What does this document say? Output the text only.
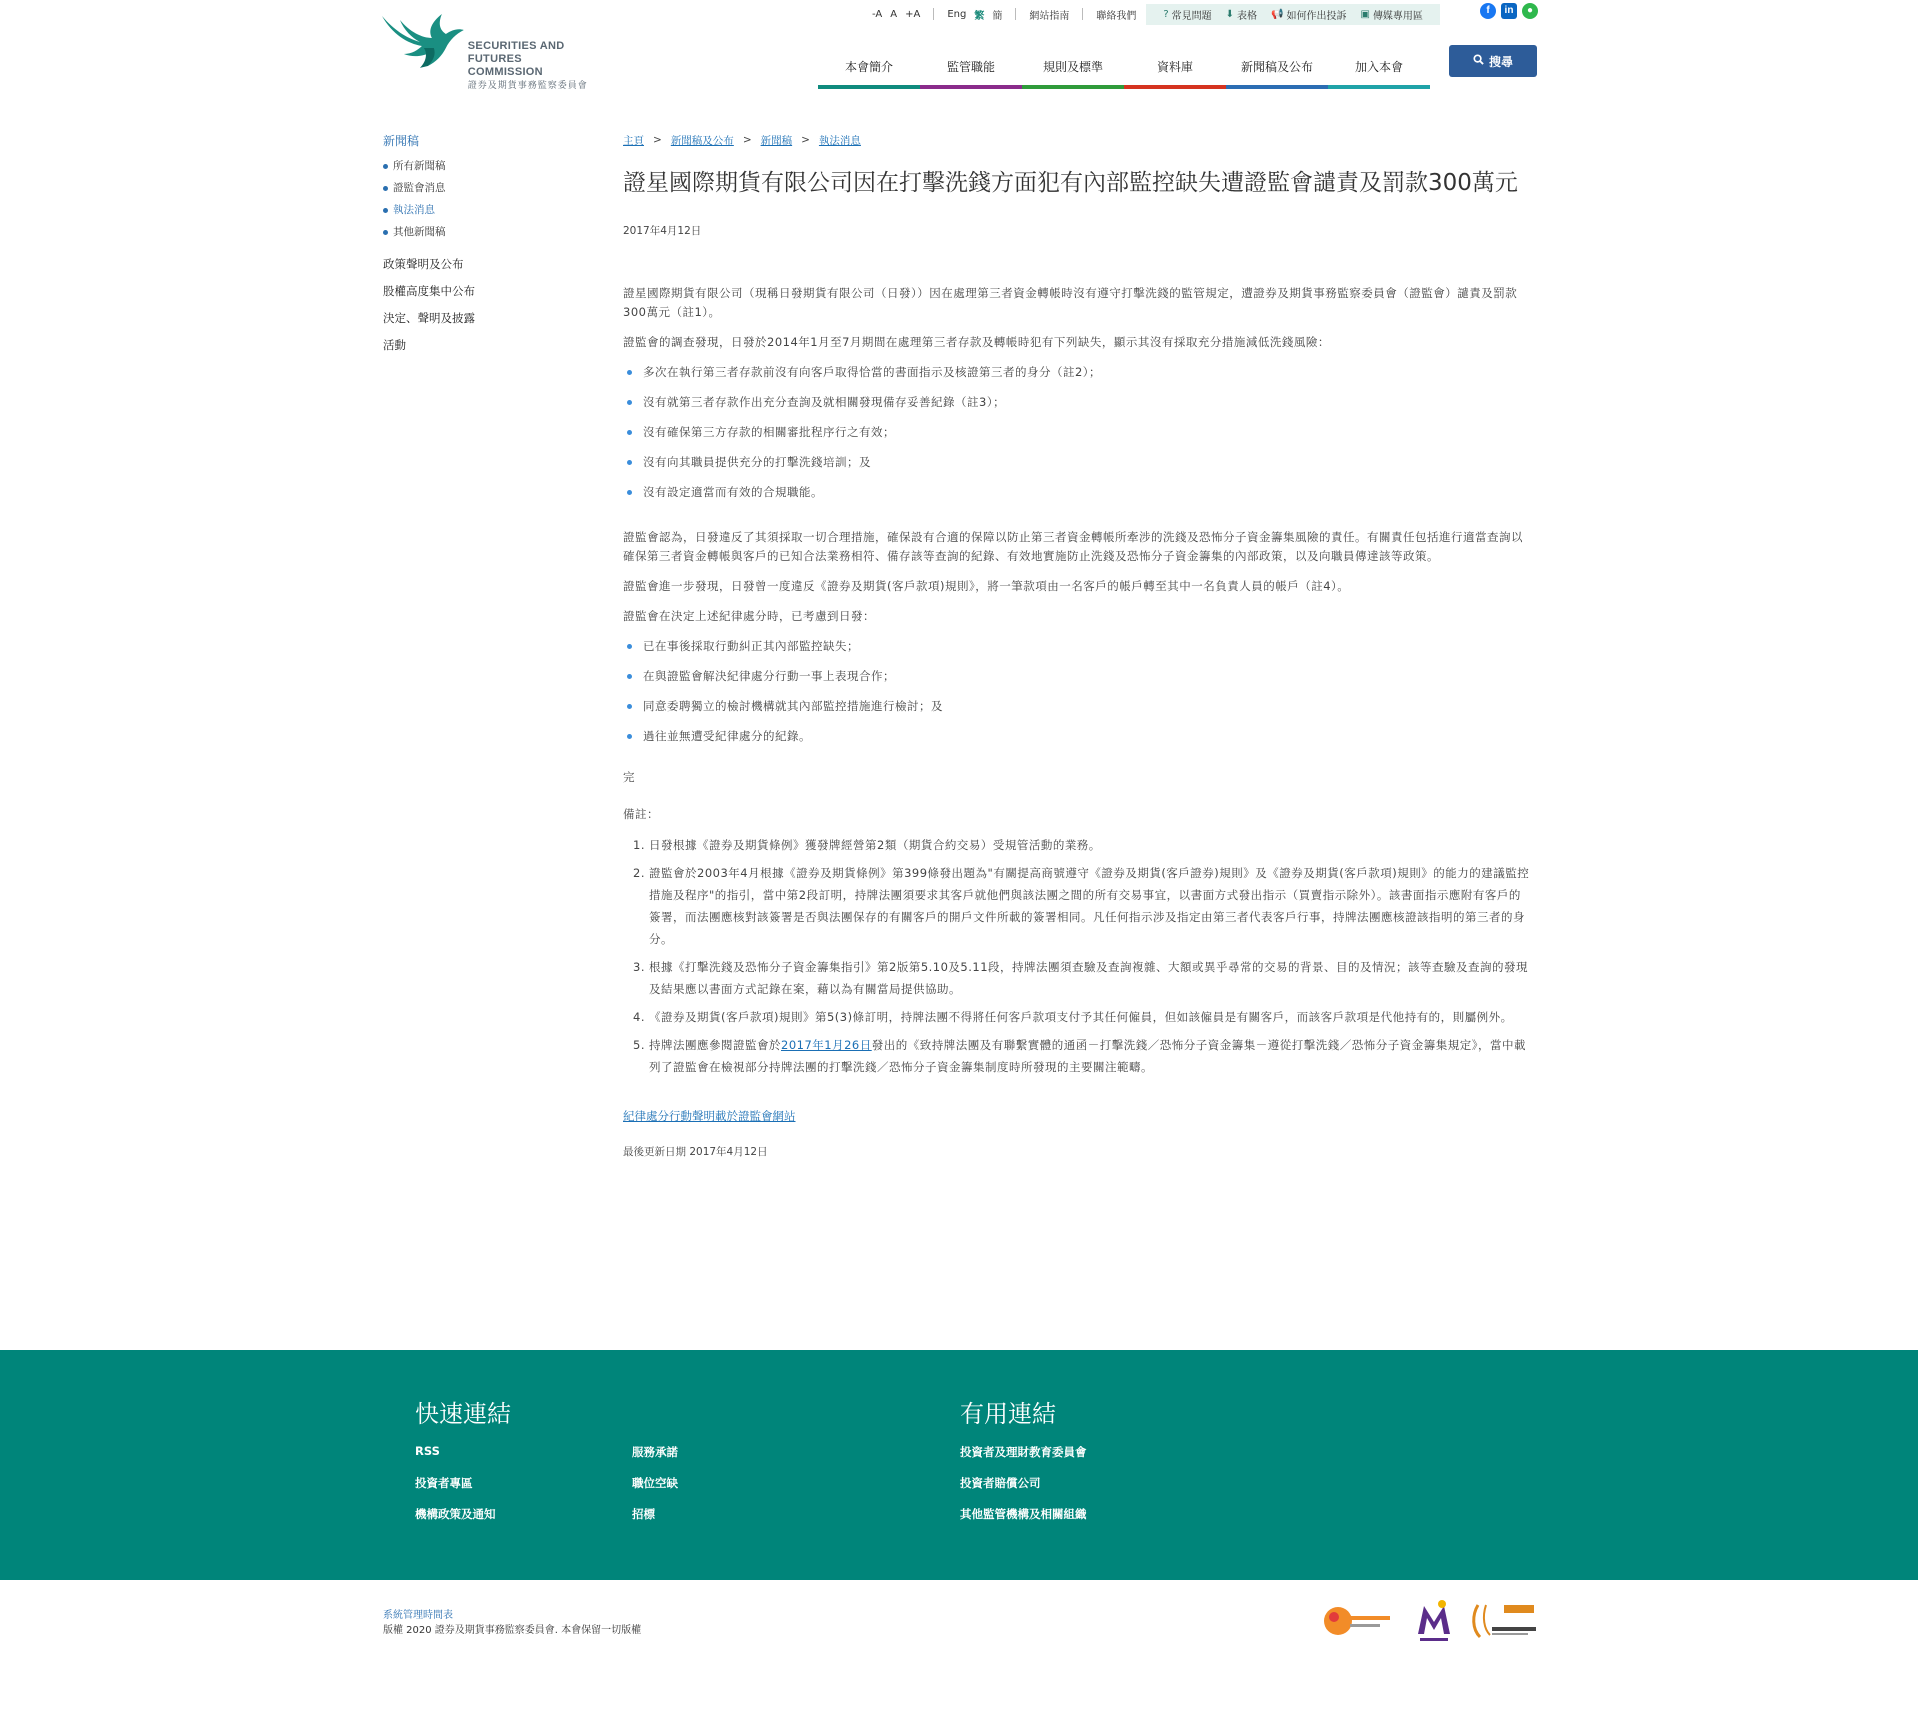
SECURITIES AND
FUTURES COMMISSION
證券及期貨事務監察委員會
-A A +A	Eng 繁 簡	網站指南	聯絡我們	? 常見問題 ⬇ 表格 📢 如何作出投訴 ▣ 傳媒專用區	f	in	●
本會簡介	監管職能	規則及標準	資料庫	新聞稿及公布	加入本會	搜尋
新聞稿
所有新聞稿
證監會消息
執法消息
其他新聞稿
政策聲明及公布
股權高度集中公布
決定、聲明及披露
活動
主頁 > 新聞稿及公布 > 新聞稿 > 執法消息
證星國際期貨有限公司因在打擊洗錢方面犯有內部監控缺失遭證監會譴責及罰款300萬元
2017年4月12日

證星國際期貨有限公司（現稱日發期貨有限公司（日發））因在處理第三者資金轉帳時沒有遵守打擊洗錢的監管規定，遭證券及期貨事務監察委員會（證監會）譴責及罰款300萬元（註1）。

證監會的調查發現，日發於2014年1月至7月期間在處理第三者存款及轉帳時犯有下列缺失，顯示其沒有採取充分措施減低洗錢風險：

多次在執行第三者存款前沒有向客戶取得恰當的書面指示及核證第三者的身分（註2）；
沒有就第三者存款作出充分查詢及就相關發現備存妥善紀錄（註3）；
沒有確保第三方存款的相關審批程序行之有效；
沒有向其職員提供充分的打擊洗錢培訓；及
沒有設定適當而有效的合規職能。

證監會認為，日發違反了其須採取一切合理措施，確保設有合適的保障以防止第三者資金轉帳所牽涉的洗錢及恐怖分子資金籌集風險的責任。有關責任包括進行適當查詢以確保第三者資金轉帳與客戶的已知合法業務相符、備存該等查詢的紀錄、有效地實施防止洗錢及恐怖分子資金籌集的內部政策，以及向職員傳達該等政策。

證監會進一步發現，日發曾一度違反《證券及期貨(客戶款項)規則》，將一筆款項由一名客戶的帳戶轉至其中一名負責人員的帳戶（註4）。

證監會在決定上述紀律處分時，已考慮到日發：

已在事後採取行動糾正其內部監控缺失；
在與證監會解決紀律處分行動一事上表現合作；
同意委聘獨立的檢討機構就其內部監控措施進行檢討；及
過往並無遭受紀律處分的紀錄。

完

備註：

1. 日發根據《證券及期貨條例》獲發牌經營第2類（期貨合約交易）受規管活動的業務。
2. 證監會於2003年4月根據《證券及期貨條例》第399條發出題為"有關提高商號遵守《證券及期貨(客戶證券)規則》及《證券及期貨(客戶款項)規則》的能力的建議監控措施及程序"的指引，當中第2段訂明，持牌法團須要求其客戶就他們與該法團之間的所有交易事宜，以書面方式發出指示（買賣指示除外）。該書面指示應附有客戶的簽署，而法團應核對該簽署是否與法團保存的有關客戶的開戶文件所載的簽署相同。凡任何指示涉及指定由第三者代表客戶行事，持牌法團應核證該指明的第三者的身分。
3. 根據《打擊洗錢及恐怖分子資金籌集指引》第2版第5.10及5.11段，持牌法團須查驗及查詢複雜、大額或異乎尋常的交易的背景、目的及情況；該等查驗及查詢的發現及結果應以書面方式記錄在案，藉以為有關當局提供協助。
4. 《證券及期貨(客戶款項)規則》第5(3)條訂明，持牌法團不得將任何客戶款項支付予其任何僱員，但如該僱員是有關客戶，而該客戶款項是代他持有的，則屬例外。
5. 持牌法團應參閱證監會於2017年1月26日發出的《致持牌法團及有聯繫實體的通函－打擊洗錢／恐怖分子資金籌集－遵從打擊洗錢／恐怖分子資金籌集規定》，當中載列了證監會在檢視部分持牌法團的打擊洗錢／恐怖分子資金籌集制度時所發現的主要關注範疇。

紀律處分行動聲明載於證監會網站

最後更新日期 2017年4月12日

快速連結	有用連結
RSS
投資者專區
機構政策及通知
服務承諾
職位空缺
招標
投資者及理財教育委員會
投資者賠償公司
其他監管機構及相關組織
系統管理時間表
版權 2020 證券及期貨事務監察委員會. 本會保留一切版權
